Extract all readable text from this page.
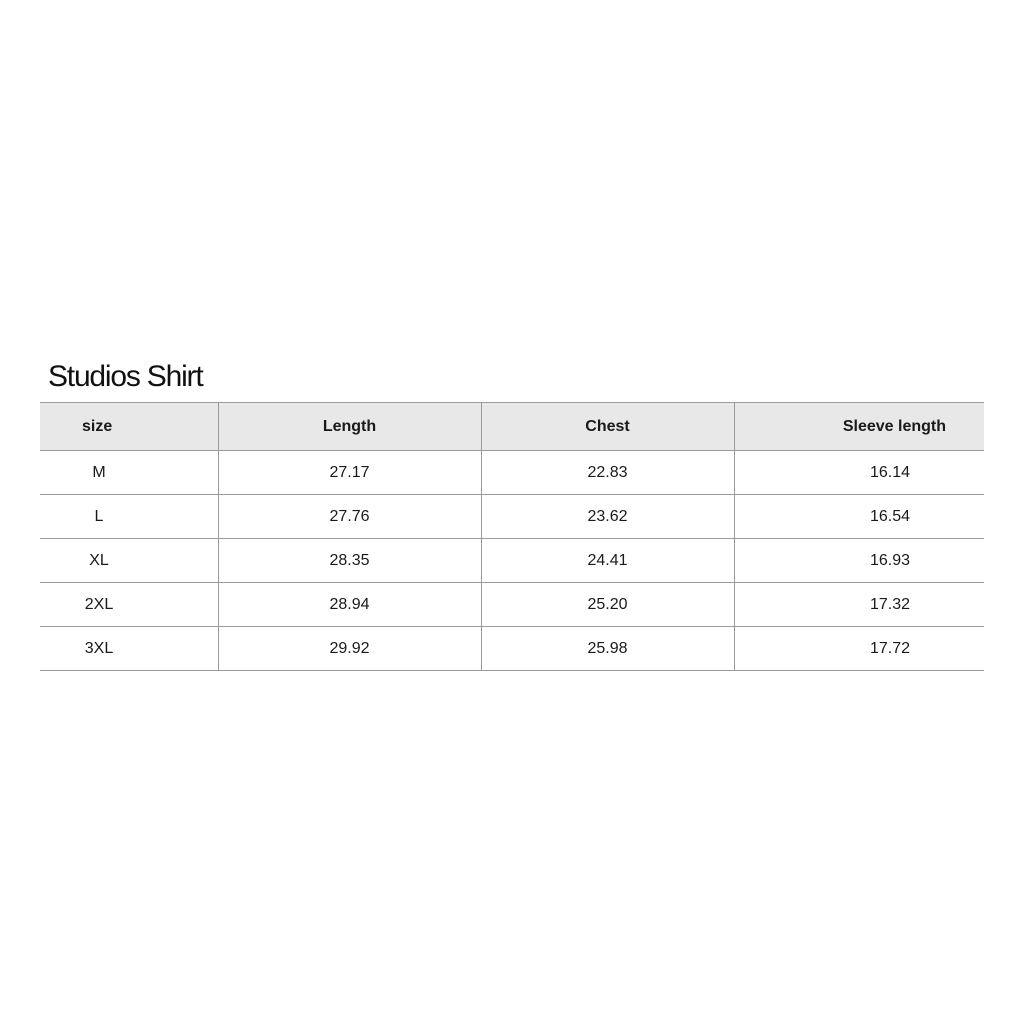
Studios Shirt
size	Length	Chest	Sleeve length
M	27.17	22.83	16.14
L	27.76	23.62	16.54
XL	28.35	24.41	16.93
2XL	28.94	25.20	17.32
3XL	29.92	25.98	17.72
